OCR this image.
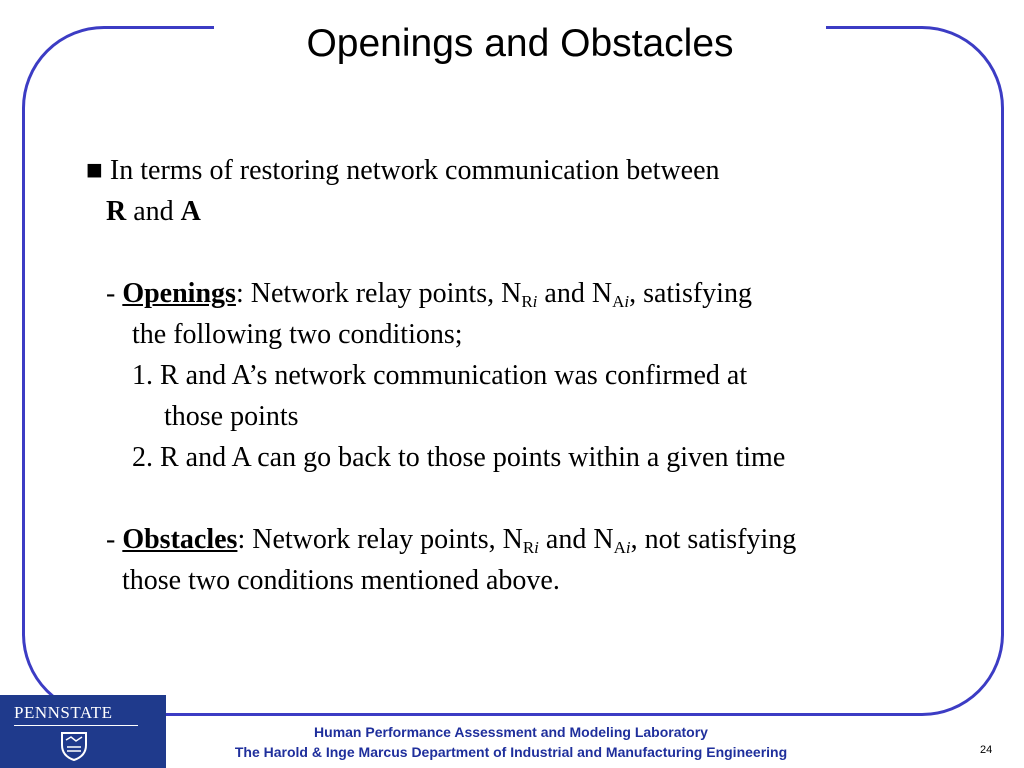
Openings and Obstacles
■ In terms of restoring network communication between
R and A
- Openings: Network relay points, $N_{Ri}$ and $N_{Ai}$, satisfying
the following two conditions;
1. R and A’s network communication was confirmed at
those points
2. R and A can go back to those points within a given time
- Obstacles: Network relay points, $N_{Ri}$ and $N_{Ai}$, not satisfying
those two conditions mentioned above.
PENNSTATE
Human Performance Assessment and Modeling Laboratory
The Harold & Inge Marcus Department of Industrial and Manufacturing Engineering	24
